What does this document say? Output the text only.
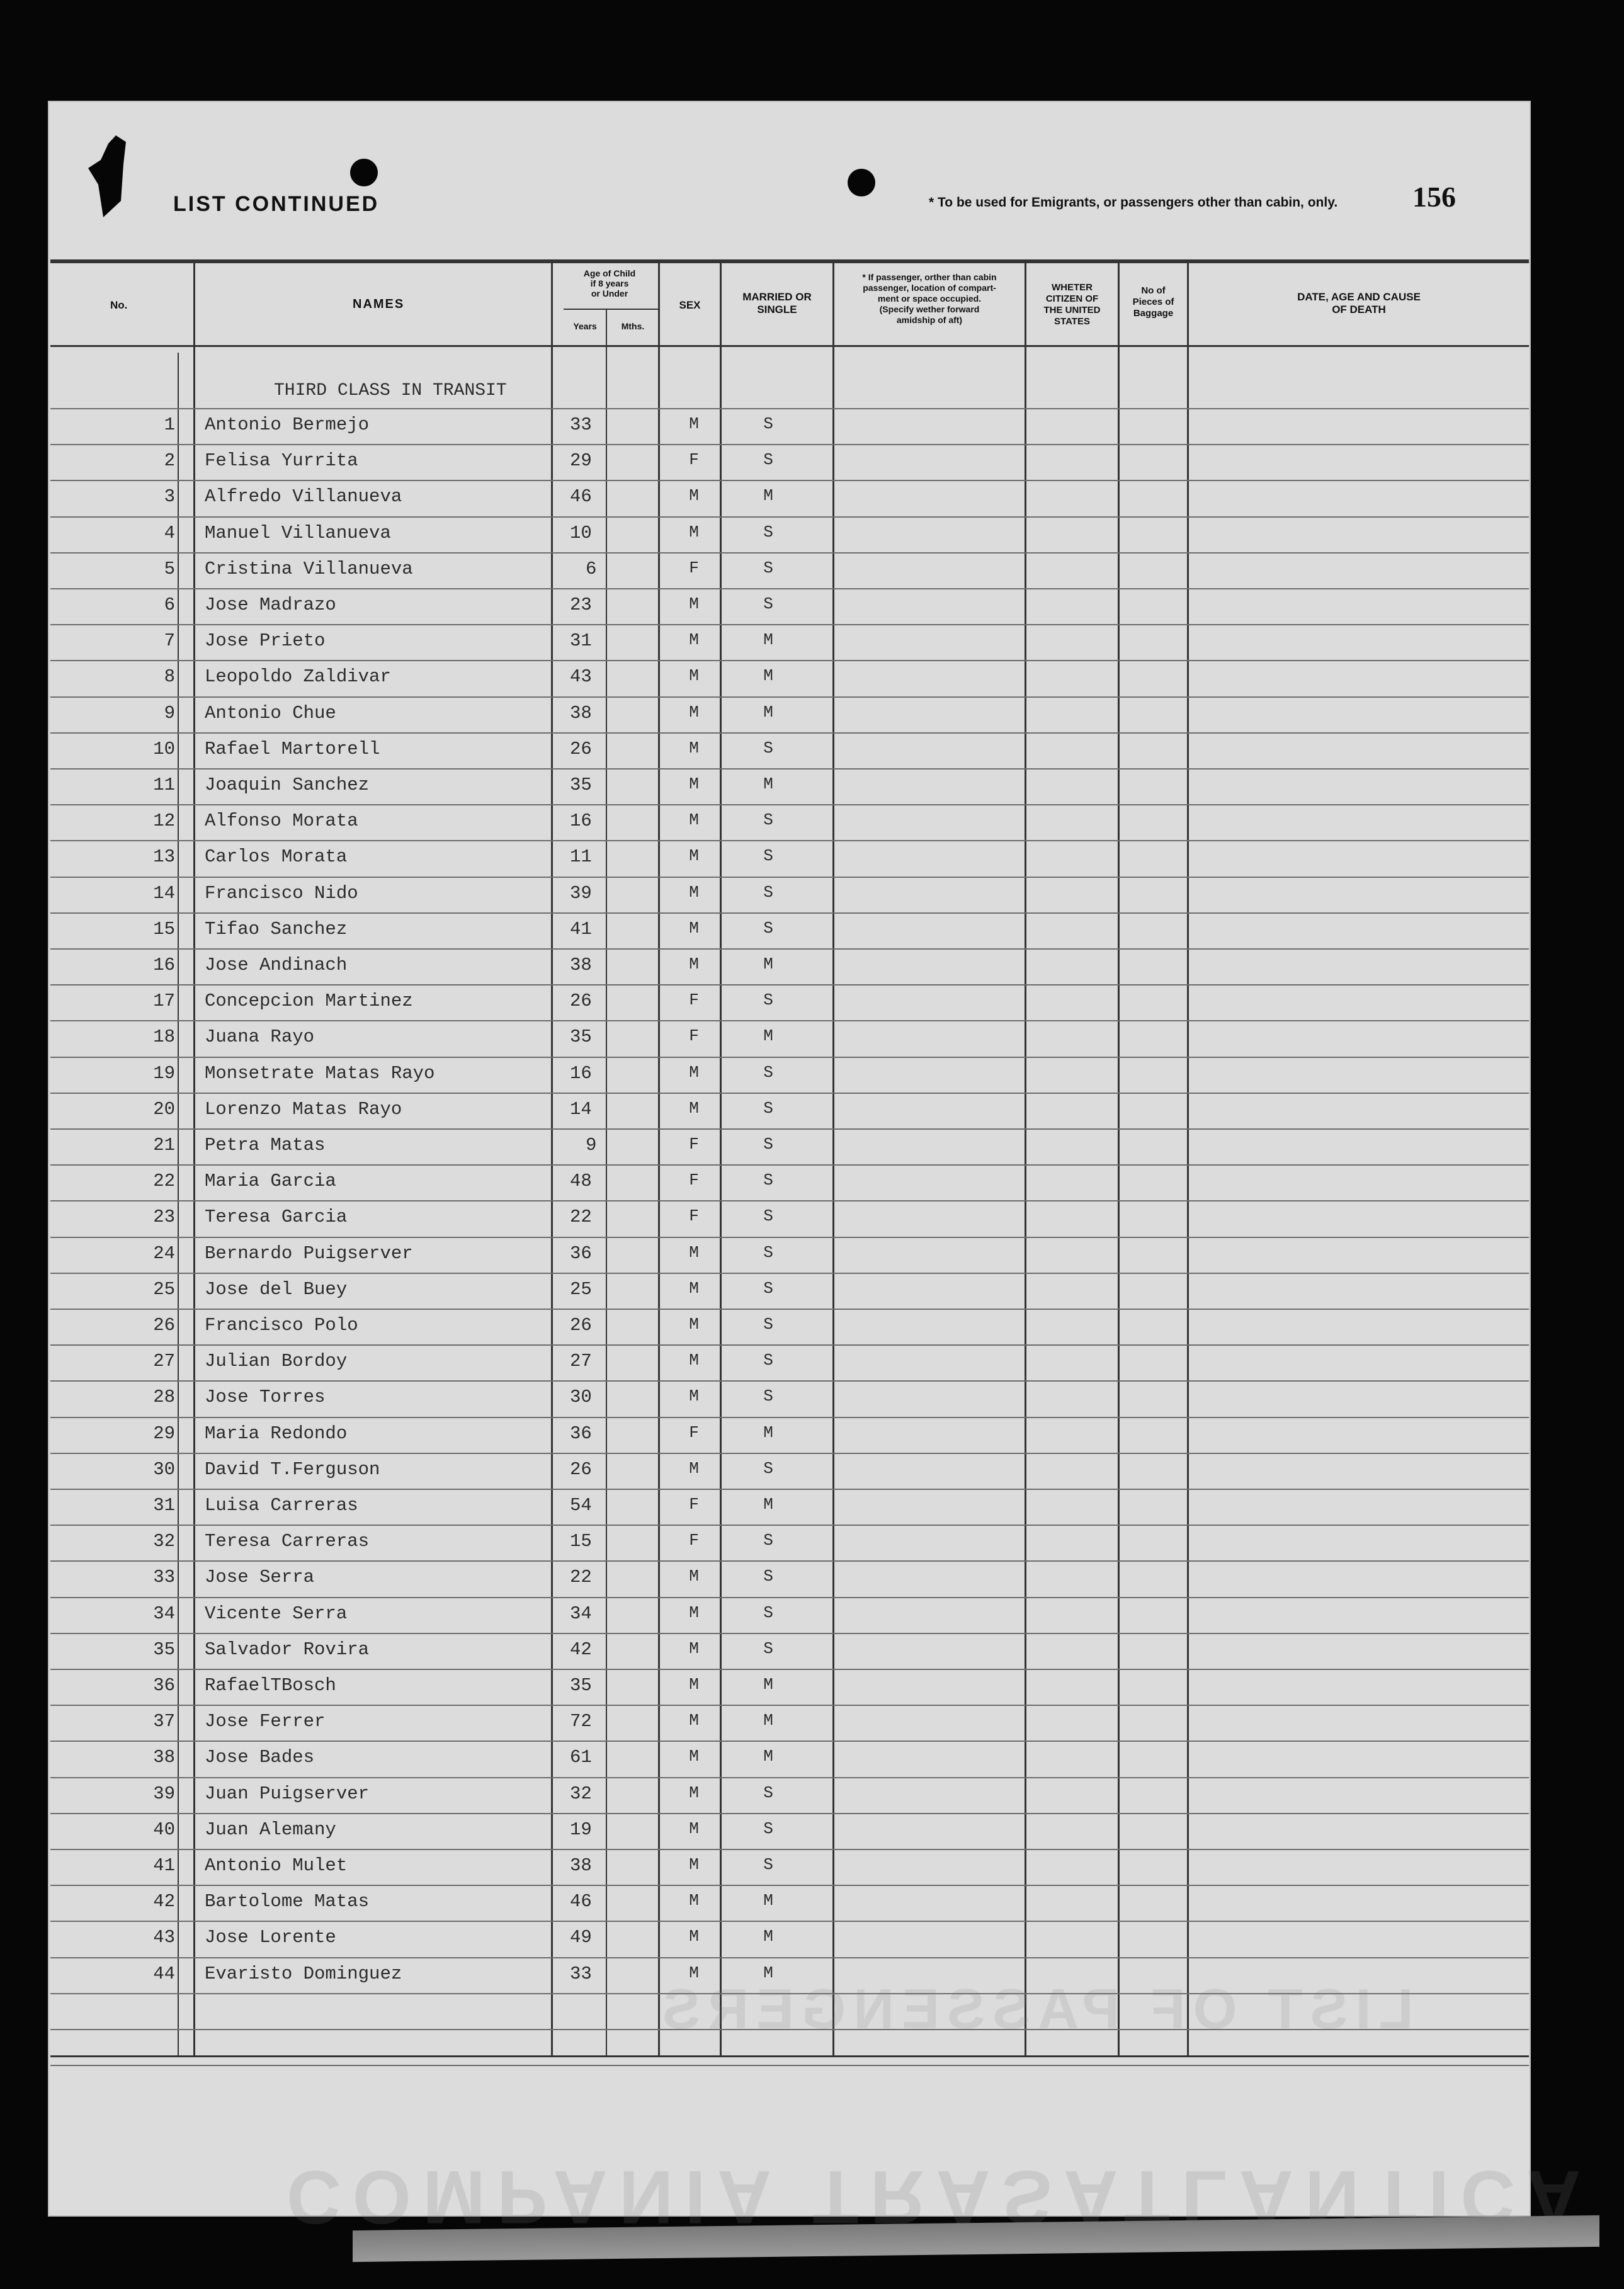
LIST CONTINUED	* To be used for Emigrants, or passengers other than cabin, only.	156
No.	NAMES
Age of Child
if 8 years
or Under
Years	Mths.
SEX
MARRIED OR
SINGLE
* If passenger, orther than cabin
passenger, location of compart-
ment or space occupied.
(Specify wether forward
amidship of aft)
WHETER
CITIZEN OF
THE UNITED
STATES
No of
Pieces of
Baggage
DATE, AGE AND CAUSE
OF DEATH
THIRD CLASS IN TRANSIT
1 Antonio Bermejo	33	M	S
2 Felisa Yurrita	29	F	S
3 Alfredo Villanueva	46	M	M
4 Manuel Villanueva	10	M	S
5 Cristina Villanueva	6	F	S
6 Jose Madrazo	23	M	S
7 Jose Prieto	31	M	M
8 Leopoldo Zaldivar	43	M	M
9 Antonio Chue	38	M	M
10 Rafael Martorell	26	M	S
11 Joaquin Sanchez	35	M	M
12 Alfonso Morata	16	M	S
13 Carlos Morata	11	M	S
14 Francisco Nido	39	M	S
15 Tifao Sanchez	41	M	S
16 Jose Andinach	38	M	M
17 Concepcion Martinez	26	F	S
18 Juana Rayo	35	F	M
19 Monsetrate Matas Rayo	16	M	S
20 Lorenzo Matas Rayo	14	M	S
21 Petra Matas	9	F	S
22 Maria Garcia	48	F	S
23 Teresa Garcia	22	F	S
24 Bernardo Puigserver	36	M	S
25 Jose del Buey	25	M	S
26 Francisco Polo	26	M	S
27 Julian Bordoy	27	M	S
28 Jose Torres	30	M	S
29 Maria Redondo	36	F	M
30 David T.Ferguson	26	M	S
31 Luisa Carreras	54	F	M
32 Teresa Carreras	15	F	S
33 Jose Serra	22	M	S
34 Vicente Serra	34	M	S
35 Salvador Rovira	42	M	S
36 RafaelTBosch	35	M	M
37 Jose Ferrer	72	M	M
38 Jose Bades	61	M	M
39 Juan Puigserver	32	M	S
40 Juan Alemany	19	M	S
41 Antonio Mulet	38	M	S
42 Bartolome Matas	46	M	M
43 Jose Lorente	49	M	M
44 Evaristo Dominguez	33	M	M
COMPANIA TRASATLANTICA
LIST OF PASSENGERS
